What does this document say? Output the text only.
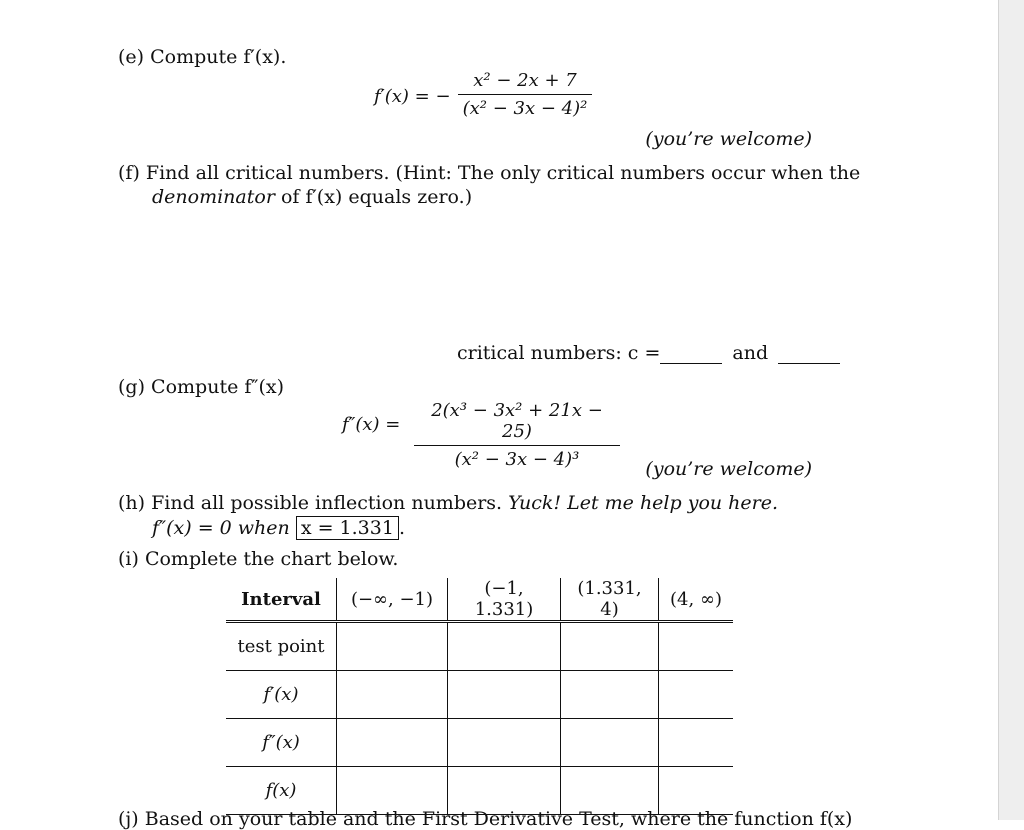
(e) Compute f′(x).
f′(x) = −
x² − 2x + 7
(x² − 3x − 4)²
(you’re welcome)
(f) Find all critical numbers. (Hint: The only critical numbers occur when the
denominator of f′(x) equals zero.)
critical numbers: c =	and
(g) Compute f″(x)
f″(x) =
2(x³ − 3x² + 21x − 25)
(x² − 3x − 4)³	(you’re welcome)
(h) Find all possible inflection numbers. Yuck! Let me help you here.
f″(x) = 0 when x = 1.331 .
(i) Complete the chart below.
Interval	(−∞, −1)	(−1, 1.331)	(1.331, 4)	(4, ∞)
test point				
f′(x)				
f″(x)				
f(x)				
(j) Based on your table and the First Derivative Test, where the function f(x)
